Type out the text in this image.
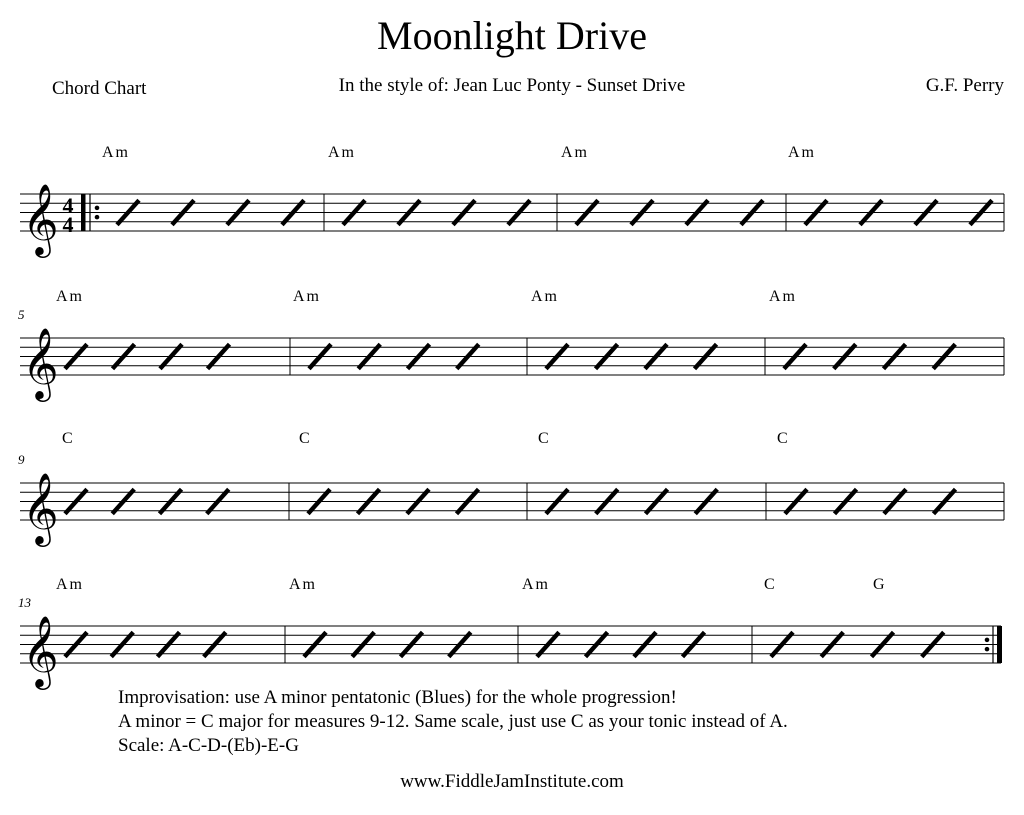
Moonlight Drive
Chord Chart	In the style of: Jean Luc Ponty - Sunset Drive	G.F. Perry
𝄞 4
4
Am	Am	Am	Am
𝄞
5
Am	Am	Am	Am
𝄞
9
C	C	C	C
𝄞
13
Am	Am	Am	C	G
Improvisation: use A minor pentatonic (Blues) for the whole progression!
A minor = C major for measures 9-12. Same scale, just use C as your tonic instead of A.
Scale: A-C-D-(Eb)-E-G
www.FiddleJamInstitute.com
